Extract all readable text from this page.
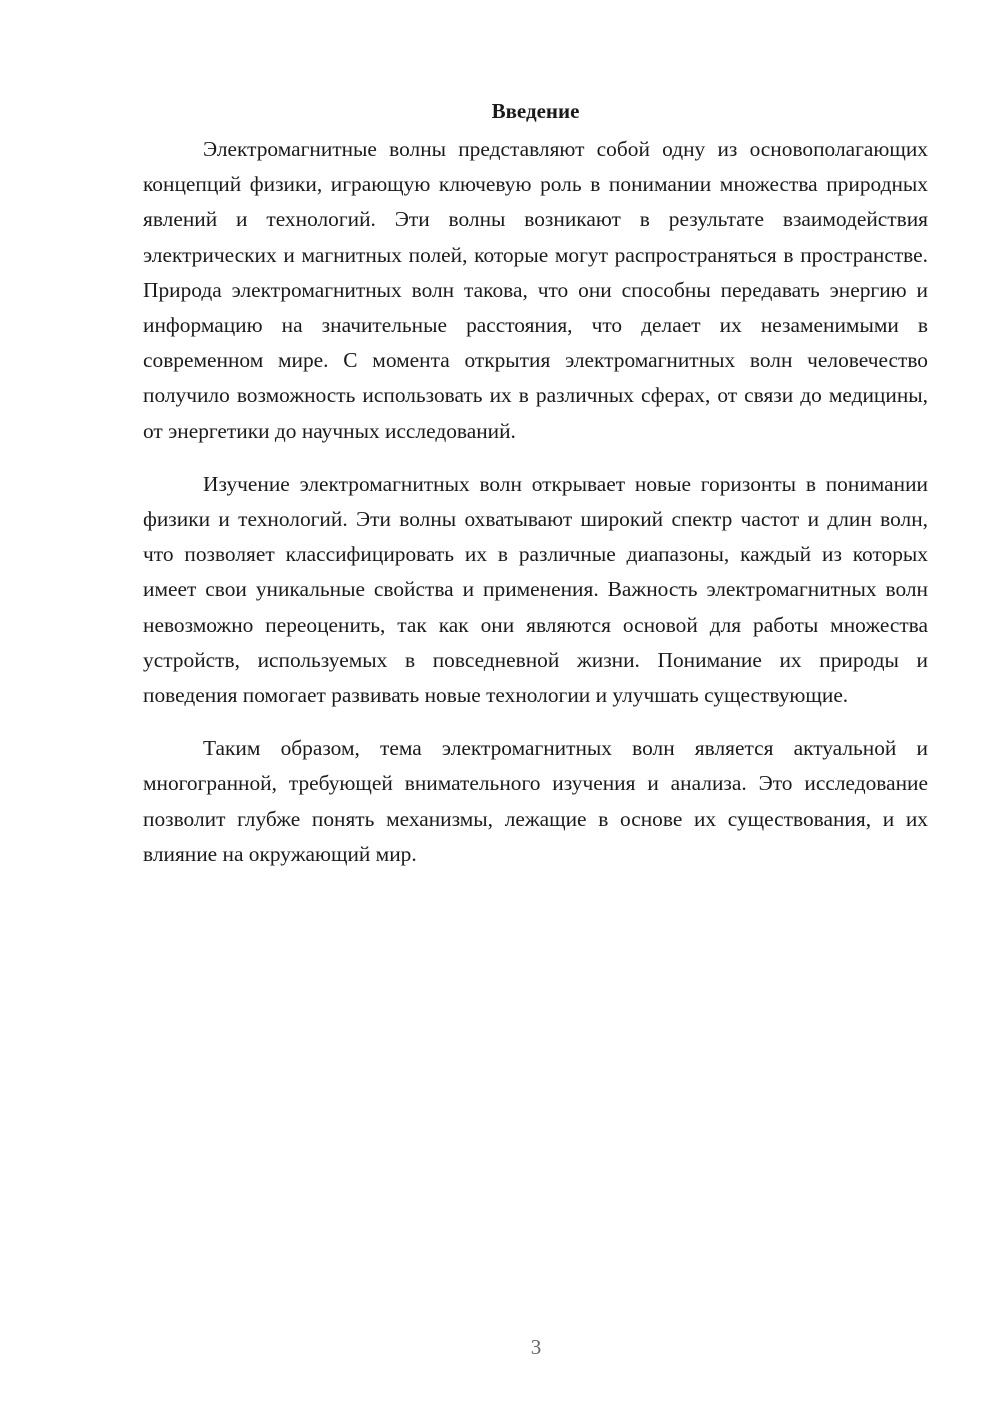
Введение

Электромагнитные волны представляют собой одну из основополагающих концепций физики, играющую ключевую роль в понимании множества природных явлений и технологий. Эти волны возникают в результате взаимодействия электрических и магнитных полей, которые могут распространяться в пространстве. Природа электромагнитных волн такова, что они способны передавать энергию и информацию на значительные расстояния, что делает их незаменимыми в современном мире. С момента открытия электромагнитных волн человечество получило возможность использовать их в различных сферах, от связи до медицины, от энергетики до научных исследований.

Изучение электромагнитных волн открывает новые горизонты в понимании физики и технологий. Эти волны охватывают широкий спектр частот и длин волн, что позволяет классифицировать их в различные диапазоны, каждый из которых имеет свои уникальные свойства и применения. Важность электромагнитных волн невозможно переоценить, так как они являются основой для работы множества устройств, используемых в повседневной жизни. Понимание их природы и поведения помогает развивать новые технологии и улучшать существующие.

Таким образом, тема электромагнитных волн является актуальной и многогранной, требующей внимательного изучения и анализа. Это исследование позволит глубже понять механизмы, лежащие в основе их существования, и их влияние на окружающий мир.

3
